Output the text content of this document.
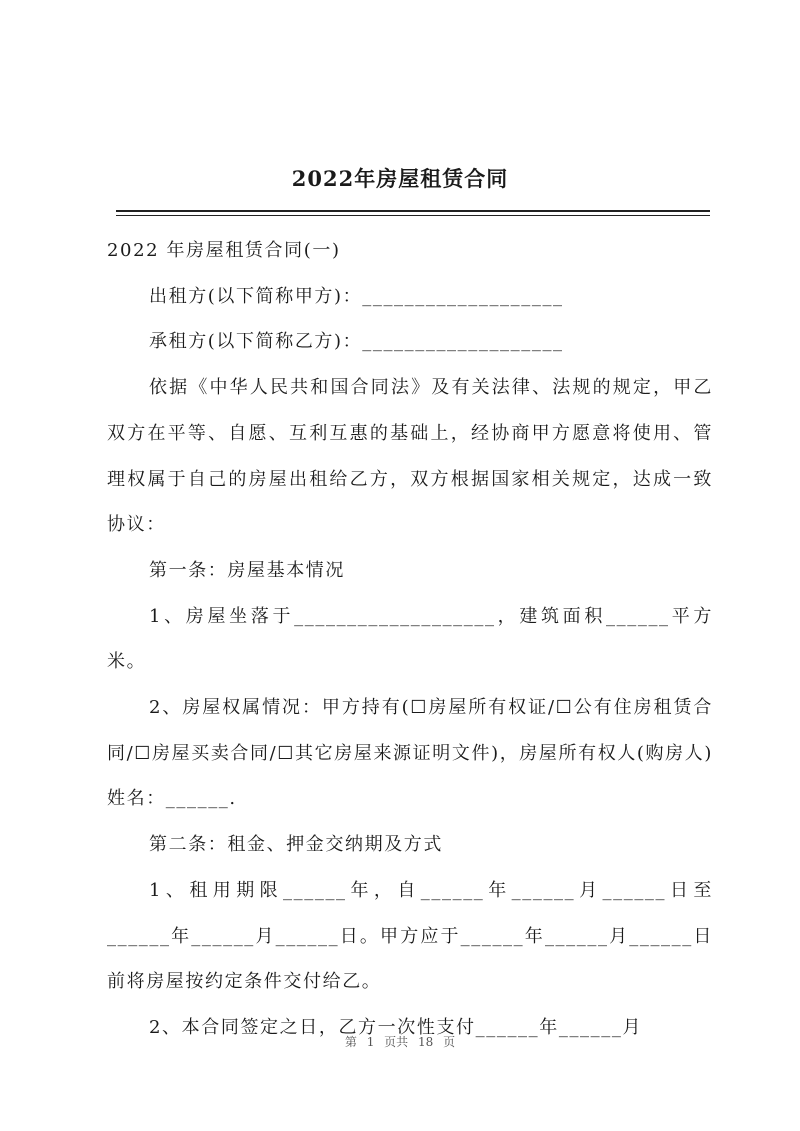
2022年房屋租赁合同

2022 年房屋租赁合同(一)

出租方(以下简称甲方)：___________________

承租方(以下简称乙方)：___________________

依据《中华人民共和国合同法》及有关法律、法规的规定，甲乙双方在平等、自愿、互利互惠的基础上，经协商甲方愿意将使用、管理权属于自己的房屋出租给乙方，双方根据国家相关规定，达成一致协议：

第一条：房屋基本情况

1、房屋坐落于___________________，建筑面积______平方米。

2、房屋权属情况：甲方持有(☐房屋所有权证/☐公有住房租赁合同/☐房屋买卖合同/☐其它房屋来源证明文件)，房屋所有权人(购房人)姓名：______.

第二条：租金、押金交纳期及方式

1、租用期限______年，自______年______月______日至______年______月______日。甲方应于______年______月______日前将房屋按约定条件交付给乙。

2、本合同签定之日，乙方一次性支付______年______月

第 1 页共 18 页
